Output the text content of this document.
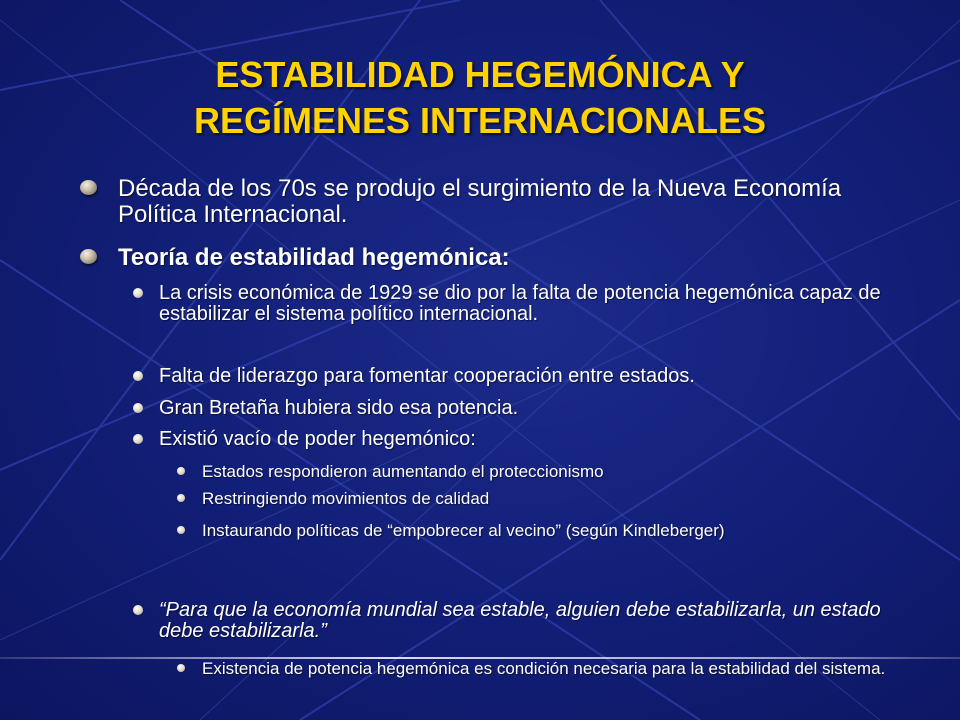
ESTABILIDAD HEGEMÓNICA Y
REGÍMENES INTERNACIONALES
Década de los 70s se produjo el surgimiento de la Nueva Economía Política Internacional.
Teoría de estabilidad hegemónica:
La crisis económica de 1929 se dio por la falta de potencia hegemónica capaz de estabilizar el sistema político internacional.
Falta de liderazgo para fomentar cooperación entre estados.
Gran Bretaña hubiera sido esa potencia.
Existió vacío de poder hegemónico:
Estados respondieron aumentando el proteccionismo
Restringiendo movimientos de calidad
Instaurando políticas de “empobrecer al vecino” (según Kindleberger)
“Para que la economía mundial sea estable, alguien debe estabilizarla, un estado debe estabilizarla.”
Existencia de potencia hegemónica es condición necesaria para la estabilidad del sistema.
